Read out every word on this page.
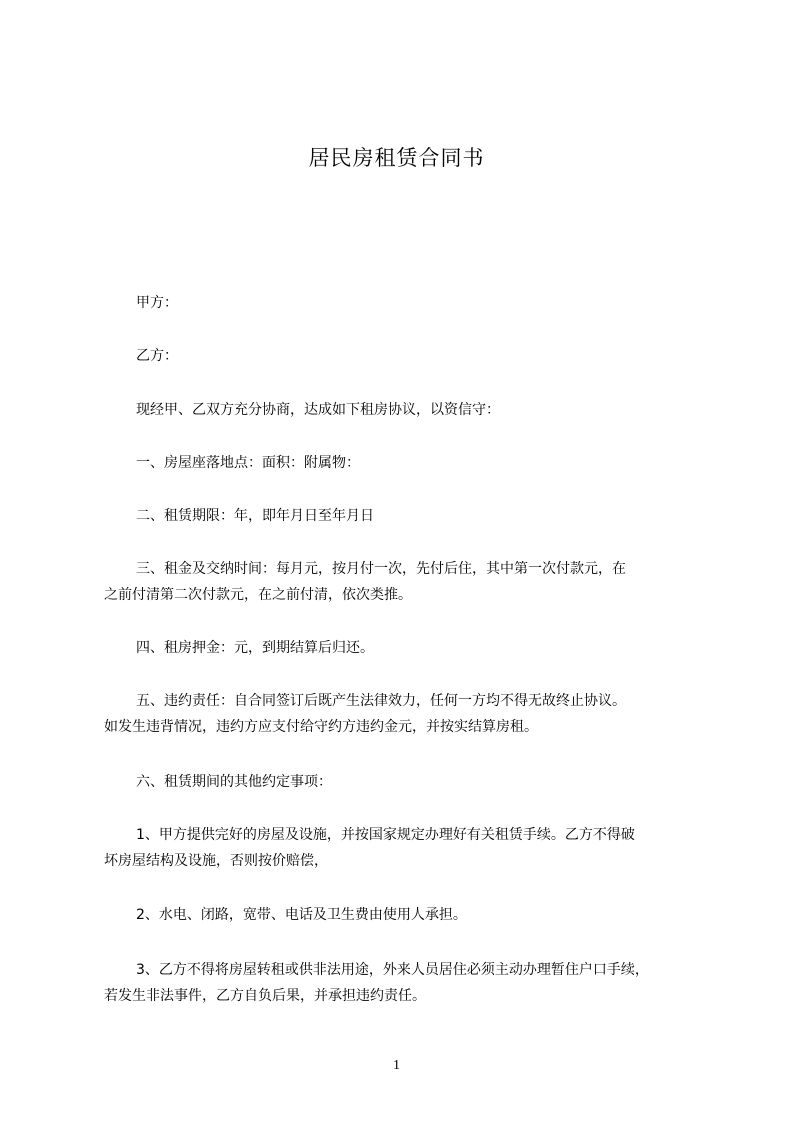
居民房租赁合同书
甲方：
乙方：
现经甲、乙双方充分协商，达成如下租房协议，以资信守：
一、房屋座落地点：面积：附属物：
二、租赁期限：年，即年月日至年月日
三、租金及交纳时间：每月元，按月付一次，先付后住，其中第一次付款元，在
之前付清第二次付款元，在之前付清，依次类推。
四、租房押金：元，到期结算后归还。
五、违约责任：自合同签订后既产生法律效力，任何一方均不得无故终止协议。
如发生违背情况，违约方应支付给守约方违约金元，并按实结算房租。
六、租赁期间的其他约定事项：
1、甲方提供完好的房屋及设施，并按国家规定办理好有关租赁手续。乙方不得破
坏房屋结构及设施，否则按价赔偿，
2、水电、闭路，宽带、电话及卫生费由使用人承担。
3、乙方不得将房屋转租或供非法用途，外来人员居住必须主动办理暂住户口手续，
若发生非法事件，乙方自负后果，并承担违约责任。
1
